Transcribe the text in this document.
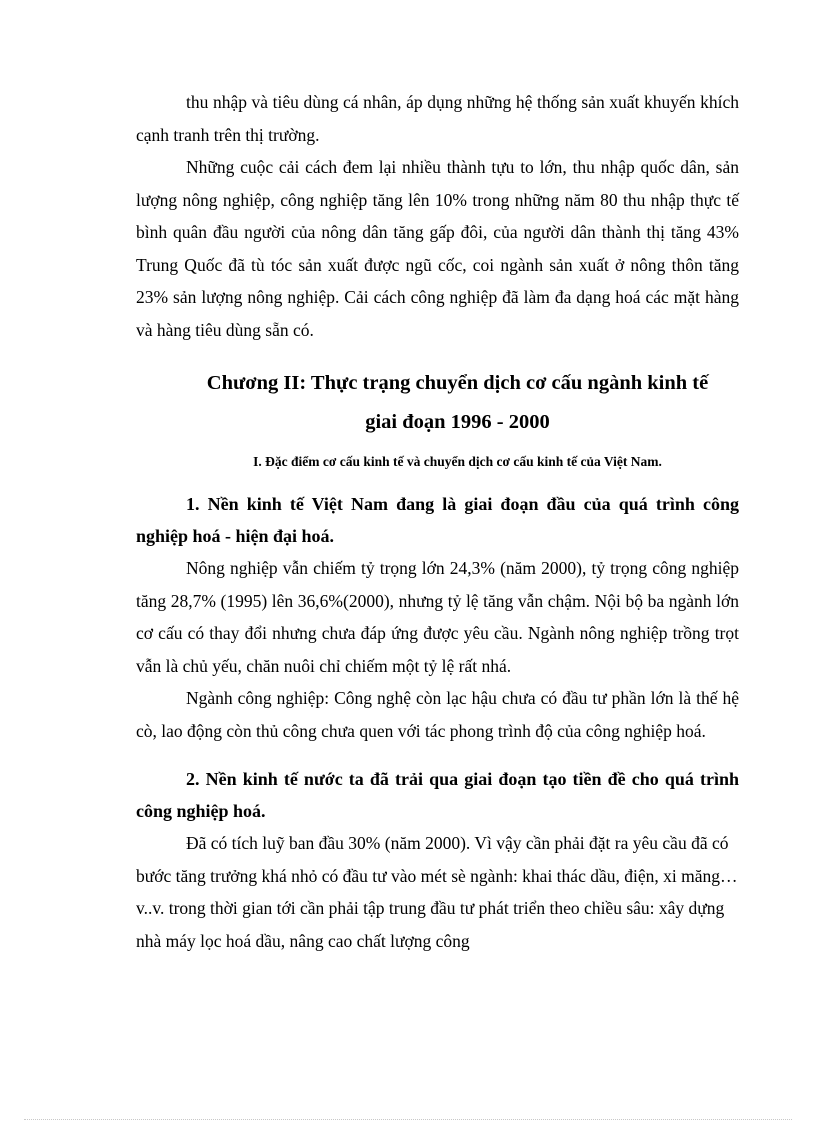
thu nhập và tiêu dùng cá nhân, áp dụng những hệ thống sản xuất khuyến khích cạnh tranh trên thị trường.

Những cuộc cải cách đem lại nhiều thành tựu to lớn, thu nhập quốc dân, sản lượng nông nghiệp, công nghiệp tăng lên 10% trong những năm 80 thu nhập thực tế bình quân đầu người của nông dân tăng gấp đôi, của người dân thành thị tăng 43% Trung Quốc đã tù tóc sản xuất được ngũ cốc, coi ngành sản xuất ở nông thôn tăng 23% sản lượng nông nghiệp. Cải cách công nghiệp đã làm đa dạng hoá các mặt hàng và hàng tiêu dùng sẵn có.

Chương II: Thực trạng chuyển dịch cơ cấu ngành kinh tế
giai đoạn 1996 - 2000
I. Đặc điểm cơ cấu kinh tế và chuyển dịch cơ cấu kinh tế của Việt Nam.

1. Nền kinh tế Việt Nam đang là giai đoạn đầu của quá trình công nghiệp hoá - hiện đại hoá.

Nông nghiệp vẫn chiếm tỷ trọng lớn 24,3% (năm 2000), tỷ trọng công nghiệp tăng 28,7% (1995) lên 36,6%(2000), nhưng tỷ lệ tăng vẫn chậm. Nội bộ ba ngành lớn cơ cấu có thay đổi nhưng chưa đáp ứng được yêu cầu. Ngành nông nghiệp trồng trọt vẫn là chủ yếu, chăn nuôi chỉ chiếm một tỷ lệ rất nhá.

Ngành công nghiệp: Công nghệ còn lạc hậu chưa có đầu tư phần lớn là thế hệ cò, lao động còn thủ công chưa quen với tác phong trình độ của công nghiệp hoá.

2. Nền kinh tế nước ta đã trải qua giai đoạn tạo tiền đề cho quá trình công nghiệp hoá.

Đã có tích luỹ ban đầu 30% (năm 2000). Vì vậy cần phải đặt ra yêu cầu đã có bước tăng trưởng khá nhỏ có đầu tư vào mét sè ngành: khai thác dầu, điện, xi măng…v..v. trong thời gian tới cần phải tập trung đầu tư phát triển theo chiều sâu: xây dựng nhà máy lọc hoá dầu, nâng cao chất lượng công
